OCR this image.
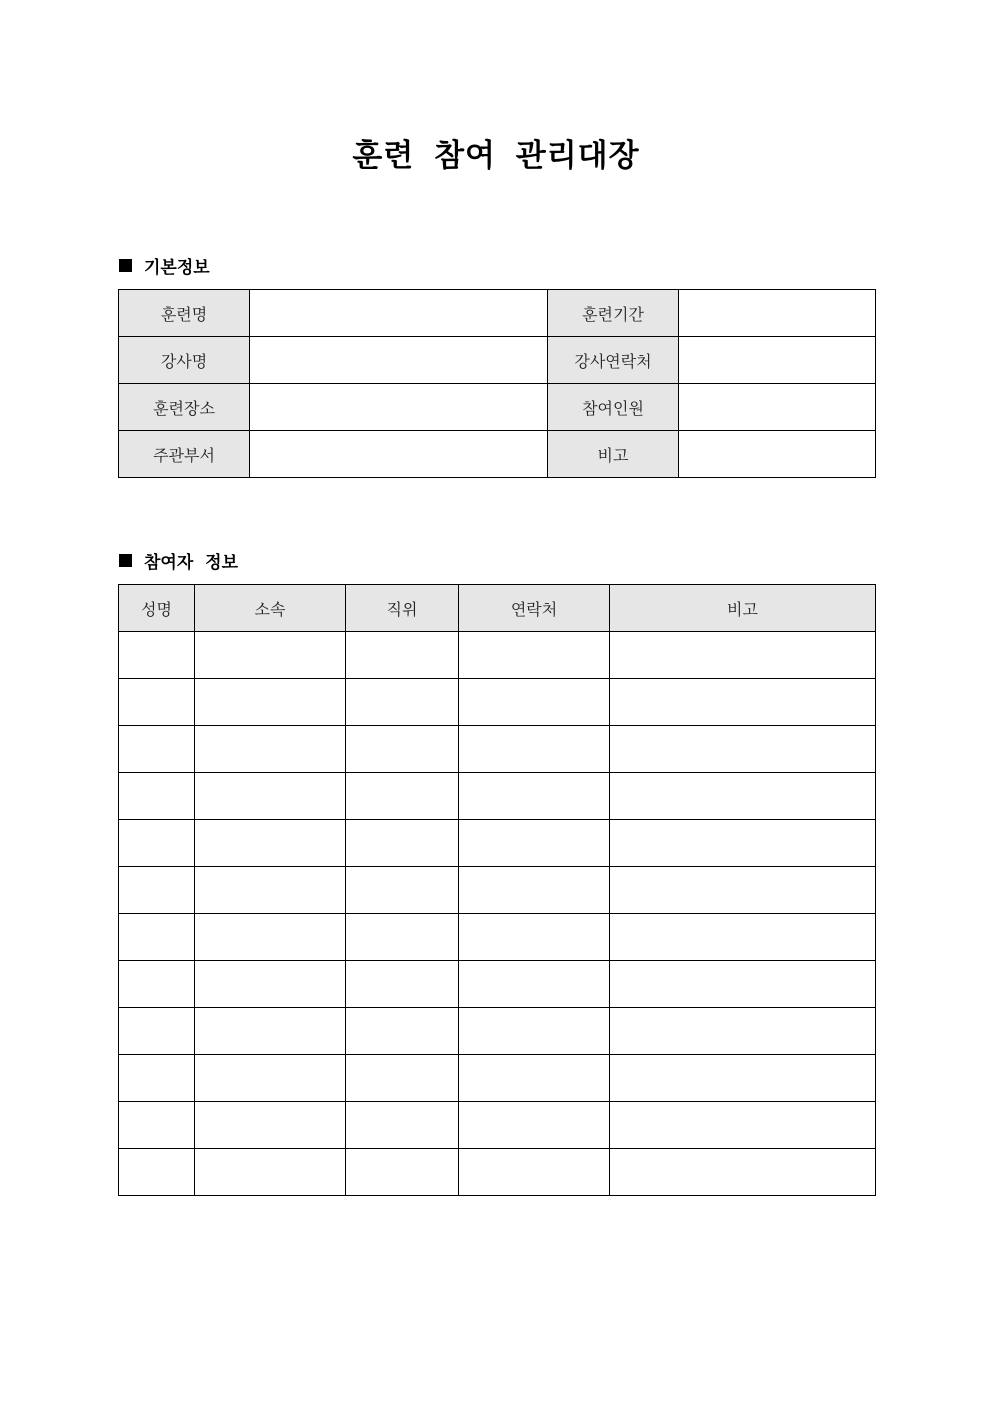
훈련 참여 관리대장
기본정보
훈련명		훈련기간	
강사명		강사연락처	
훈련장소		참여인원	
주관부서		비고	
참여자 정보
성명	소속	직위	연락처	비고
